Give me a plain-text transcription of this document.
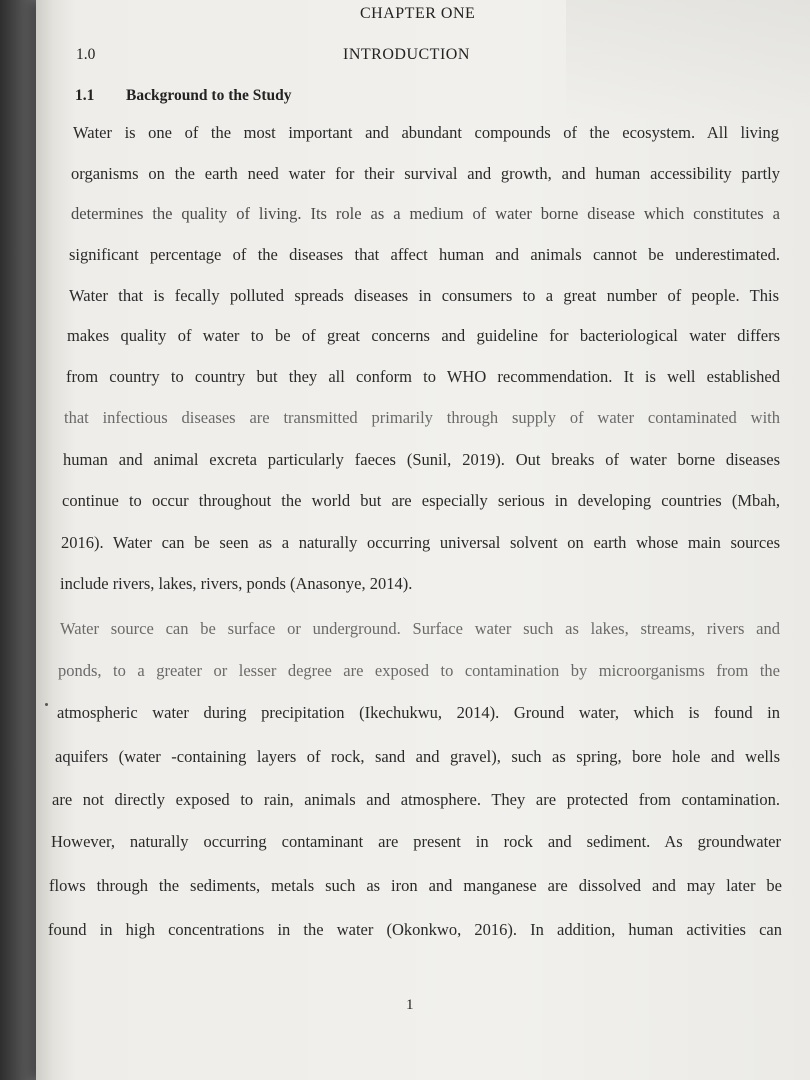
CHAPTER ONE
1.0	INTRODUCTION
1.1 Background to the Study
Water is one of the most important and abundant compounds of the ecosystem. All living
organisms on the earth need water for their survival and growth, and human accessibility partly
determines the quality of living. Its role as a medium of water borne disease which constitutes a
significant percentage of the diseases that affect human and animals cannot be underestimated.
Water that is fecally polluted spreads diseases in consumers to a great number of people. This
makes quality of water to be of great concerns and guideline for bacteriological water differs
from country to country but they all conform to WHO recommendation. It is well established
that infectious diseases are transmitted primarily through supply of water contaminated with
human and animal excreta particularly faeces (Sunil, 2019). Out breaks of water borne diseases
continue to occur throughout the world but are especially serious in developing countries (Mbah,
2016). Water can be seen as a naturally occurring universal solvent on earth whose main sources
include rivers, lakes, rivers, ponds (Anasonye, 2014).
Water source can be surface or underground. Surface water such as lakes, streams, rivers and
ponds, to a greater or lesser degree are exposed to contamination by microorganisms from the
atmospheric water during precipitation (Ikechukwu, 2014). Ground water, which is found in
aquifers (water -containing layers of rock, sand and gravel), such as spring, bore hole and wells
are not directly exposed to rain, animals and atmosphere. They are protected from contamination.
However, naturally occurring contaminant are present in rock and sediment. As groundwater
flows through the sediments, metals such as iron and manganese are dissolved and may later be
found in high concentrations in the water (Okonkwo, 2016). In addition, human activities can
1
